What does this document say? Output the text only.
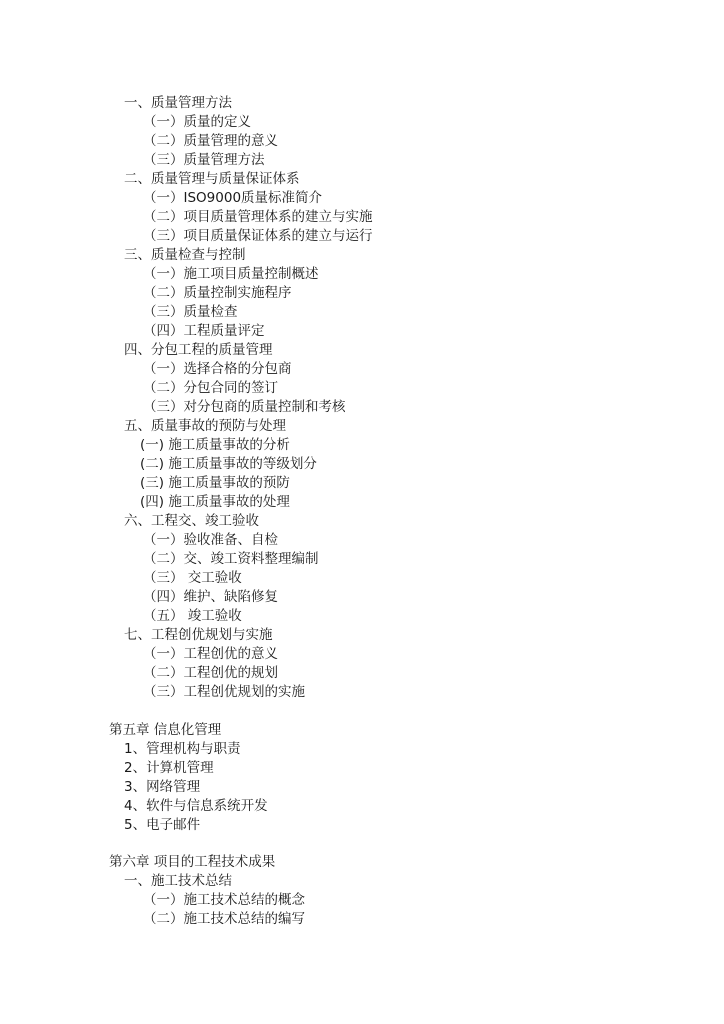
一、质量管理方法
（一）质量的定义
（二）质量管理的意义
（三）质量管理方法
二、质量管理与质量保证体系
（一）ISO9000质量标准简介
（二）项目质量管理体系的建立与实施
（三）项目质量保证体系的建立与运行
三、质量检查与控制
（一）施工项目质量控制概述
（二）质量控制实施程序
（三）质量检查
（四）工程质量评定
四、分包工程的质量管理
（一）选择合格的分包商
（二）分包合同的签订
（三）对分包商的质量控制和考核
五、质量事故的预防与处理
(一) 施工质量事故的分析
(二) 施工质量事故的等级划分
(三) 施工质量事故的预防
(四) 施工质量事故的处理
六、工程交、竣工验收
（一）验收准备、自检
（二）交、竣工资料整理编制
（三） 交工验收
（四）维护、缺陷修复
（五） 竣工验收
七、工程创优规划与实施
（一）工程创优的意义
（二）工程创优的规划
（三）工程创优规划的实施
第五章 信息化管理
1、管理机构与职责
2、计算机管理
3、网络管理
4、软件与信息系统开发
5、电子邮件
第六章 项目的工程技术成果
一、施工技术总结
（一）施工技术总结的概念
（二）施工技术总结的编写
